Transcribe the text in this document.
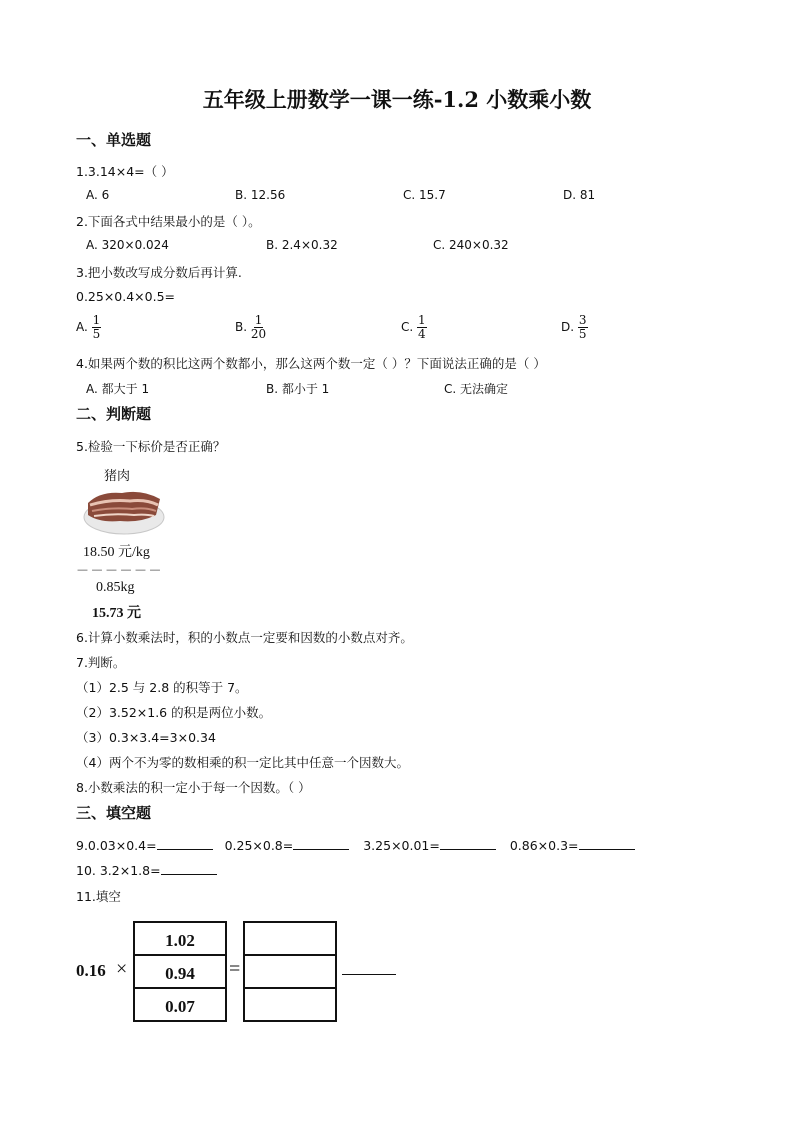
五年级上册数学一课一练-1.2 小数乘小数
一、单选题
1.3.14×4=（ ）
A. 6	B. 12.56	C. 15.7	D. 81
2.下面各式中结果最小的是（ ）。
A. 320×0.024	B. 2.4×0.32	C. 240×0.32
3.把小数改写成分数后再计算.
0.25×0.4×0.5=
A. $\frac{1}{5}$	B. $\frac{1}{20}$	C. $\frac{1}{4}$	D. $\frac{3}{5}$
4.如果两个数的积比这两个数都小，那么这两个数一定（ ）？下面说法正确的是（ ）
A. 都大于 1	B. 都小于 1	C. 无法确定
二、判断题
5.检验一下标价是否正确？
猪肉
18.50 元/kg
— — — — — —
0.85kg
15.73 元
6.计算小数乘法时，积的小数点一定要和因数的小数点对齐。
7.判断。
（1）2.5 与 2.8 的积等于 7。
（2）3.52×1.6 的积是两位小数。
（3）0.3×3.4=3×0.34
（4）两个不为零的数相乘的积一定比其中任意一个因数大。
8.小数乘法的积一定小于每一个因数。（ ）
三、填空题
9.0.03×0.4=	0.25×0.8=	3.25×0.01=	0.86×0.3=
10. 3.2×1.8=
11.填空
0.16 ×
1.02
0.94
0.07
=
